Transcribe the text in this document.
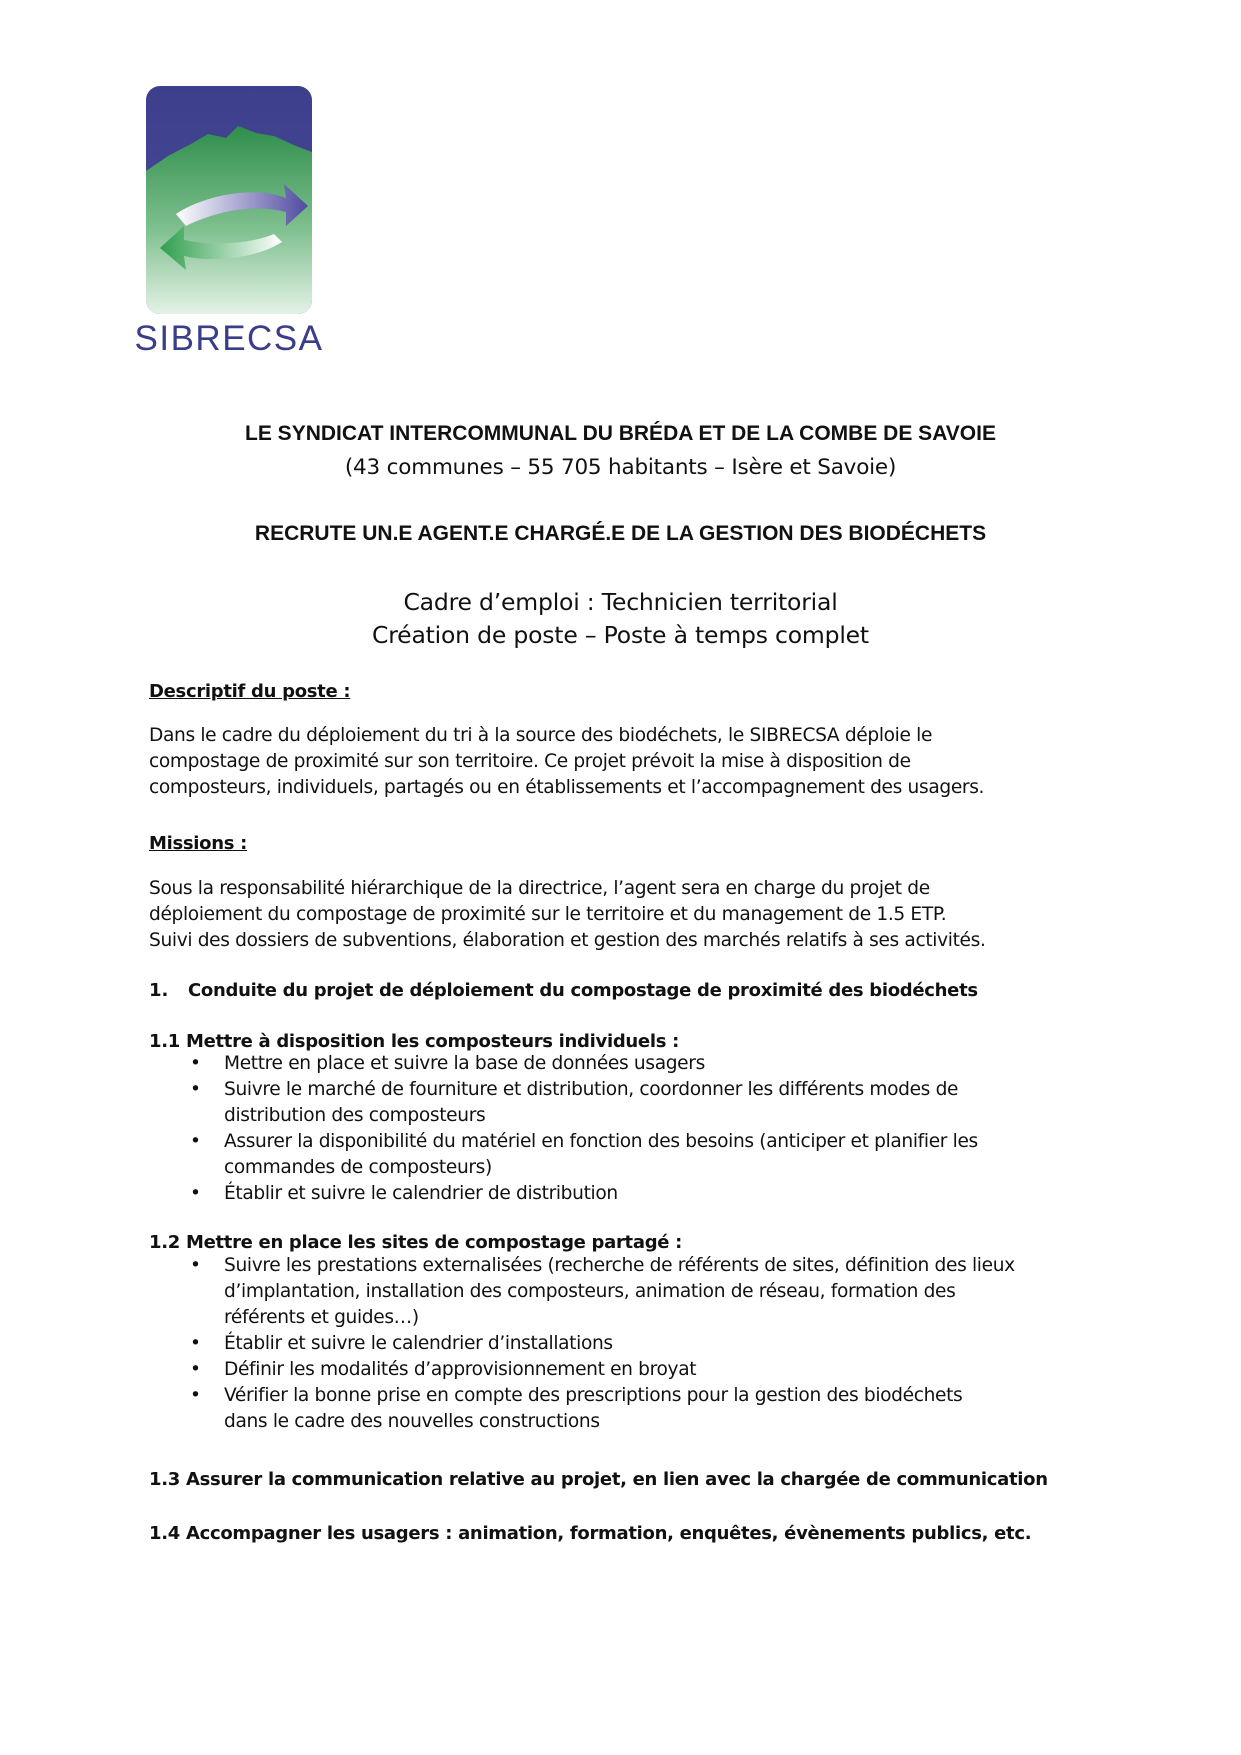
SIBRECSA
LE SYNDICAT INTERCOMMUNAL DU BRÉDA ET DE LA COMBE DE SAVOIE
(43 communes – 55 705 habitants – Isère et Savoie)
RECRUTE UN.E AGENT.E CHARGÉ.E DE LA GESTION DES BIODÉCHETS
Cadre d’emploi : Technicien territorial
Création de poste – Poste à temps complet
Descriptif du poste :

Dans le cadre du déploiement du tri à la source des biodéchets, le SIBRECSA déploie le
compostage de proximité sur son territoire. Ce projet prévoit la mise à disposition de
composteurs, individuels, partagés ou en établissements et l’accompagnement des usagers.

Missions :

Sous la responsabilité hiérarchique de la directrice, l’agent sera en charge du projet de
déploiement du compostage de proximité sur le territoire et du management de 1.5 ETP.
Suivi des dossiers de subventions, élaboration et gestion des marchés relatifs à ses activités.

1. Conduite du projet de déploiement du compostage de proximité des biodéchets
1.1 Mettre à disposition les composteurs individuels :
• Mettre en place et suivre la base de données usagers
• Suivre le marché de fourniture et distribution, coordonner les différents modes de
distribution des composteurs
• Assurer la disponibilité du matériel en fonction des besoins (anticiper et planifier les
commandes de composteurs)
• Établir et suivre le calendrier de distribution
1.2 Mettre en place les sites de compostage partagé :
• Suivre les prestations externalisées (recherche de référents de sites, définition des lieux
d’implantation, installation des composteurs, animation de réseau, formation des
référents et guides…)
• Établir et suivre le calendrier d’installations
• Définir les modalités d’approvisionnement en broyat
• Vérifier la bonne prise en compte des prescriptions pour la gestion des biodéchets
dans le cadre des nouvelles constructions
1.3 Assurer la communication relative au projet, en lien avec la chargée de communication
1.4 Accompagner les usagers : animation, formation, enquêtes, évènements publics, etc.
